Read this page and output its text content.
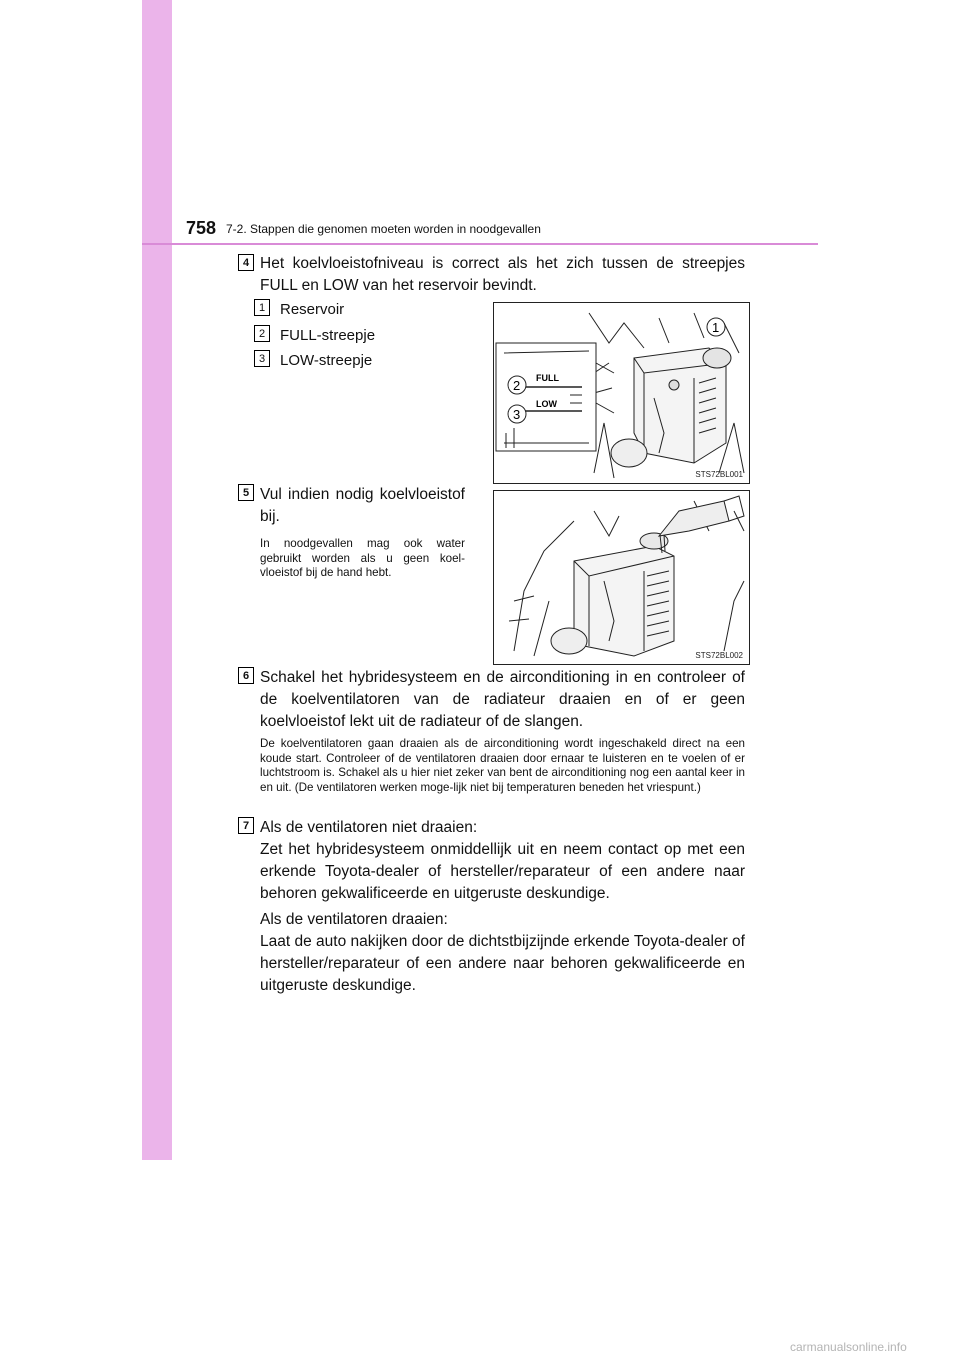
758 7-2. Stappen die genomen moeten worden in noodgevallen
4 Het koelvloeistofniveau is correct als het zich tussen de streepjes FULL en LOW van het reservoir bevindt.
1 Reservoir
2 FULL-streepje
3 LOW-streepje
FULL
LOW
1
2
3
STS72BL001
5 Vul indien nodig koelvloeistof bij.
In noodgevallen mag ook water gebruikt worden als u geen koel-vloeistof bij de hand hebt.
STS72BL002
6 Schakel het hybridesysteem en de airconditioning in en controleer of de koelventilatoren van de radiateur draaien en of er geen koelvloeistof lekt uit de radiateur of de slangen.
De koelventilatoren gaan draaien als de airconditioning wordt ingeschakeld direct na een koude start. Controleer of de ventilatoren draaien door ernaar te luisteren en te voelen of er luchtstroom is. Schakel als u hier niet zeker van bent de airconditioning nog een aantal keer in en uit. (De ventilatoren werken moge-lijk niet bij temperaturen beneden het vriespunt.)
7 Als de ventilatoren niet draaien:
Zet het hybridesysteem onmiddellijk uit en neem contact op met een erkende Toyota-dealer of hersteller/reparateur of een andere naar behoren gekwalificeerde en uitgeruste deskundige.
Als de ventilatoren draaien:
Laat de auto nakijken door de dichtstbijzijnde erkende Toyota-dealer of hersteller/reparateur of een andere naar behoren gekwalificeerde en uitgeruste deskundige.
carmanualsonline.info
